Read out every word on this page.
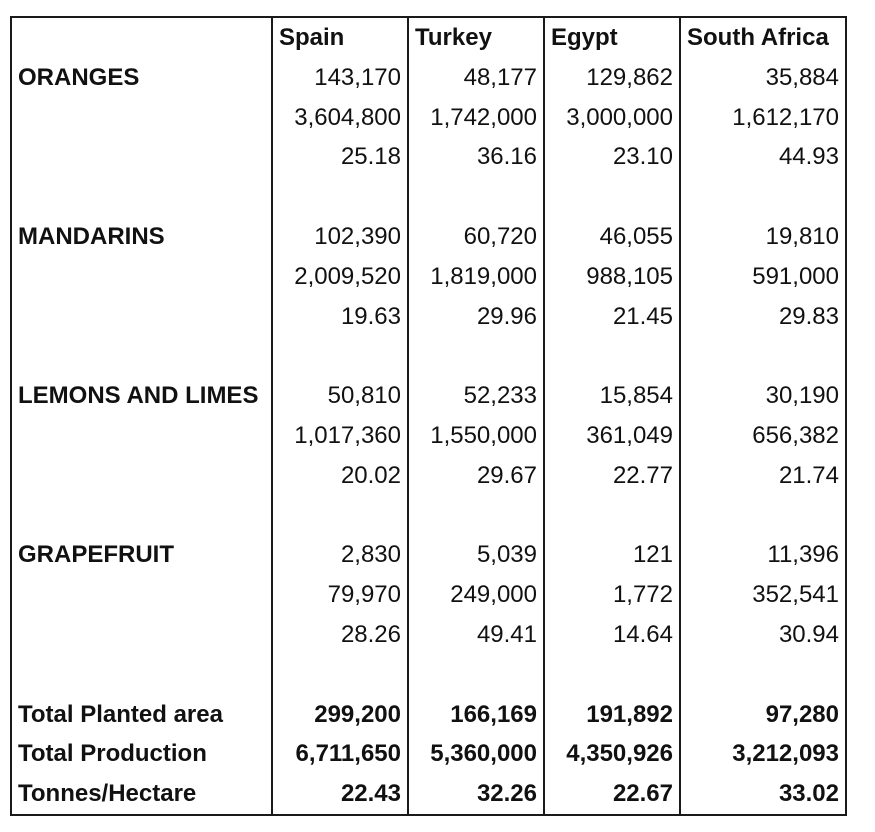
	Spain	Turkey	Egypt	South Africa
ORANGES	143,170	48,177	129,862	35,884
	3,604,800	1,742,000	3,000,000	1,612,170
	25.18	36.16	23.10	44.93

MANDARINS	102,390	60,720	46,055	19,810
	2,009,520	1,819,000	988,105	591,000
	19.63	29.96	21.45	29.83

LEMONS AND LIMES	50,810	52,233	15,854	30,190
	1,017,360	1,550,000	361,049	656,382
	20.02	29.67	22.77	21.74

GRAPEFRUIT	2,830	5,039	121	11,396
	79,970	249,000	1,772	352,541
	28.26	49.41	14.64	30.94

Total Planted area	299,200	166,169	191,892	97,280
Total Production	6,711,650	5,360,000	4,350,926	3,212,093
Tonnes/Hectare	22.43	32.26	22.67	33.02
